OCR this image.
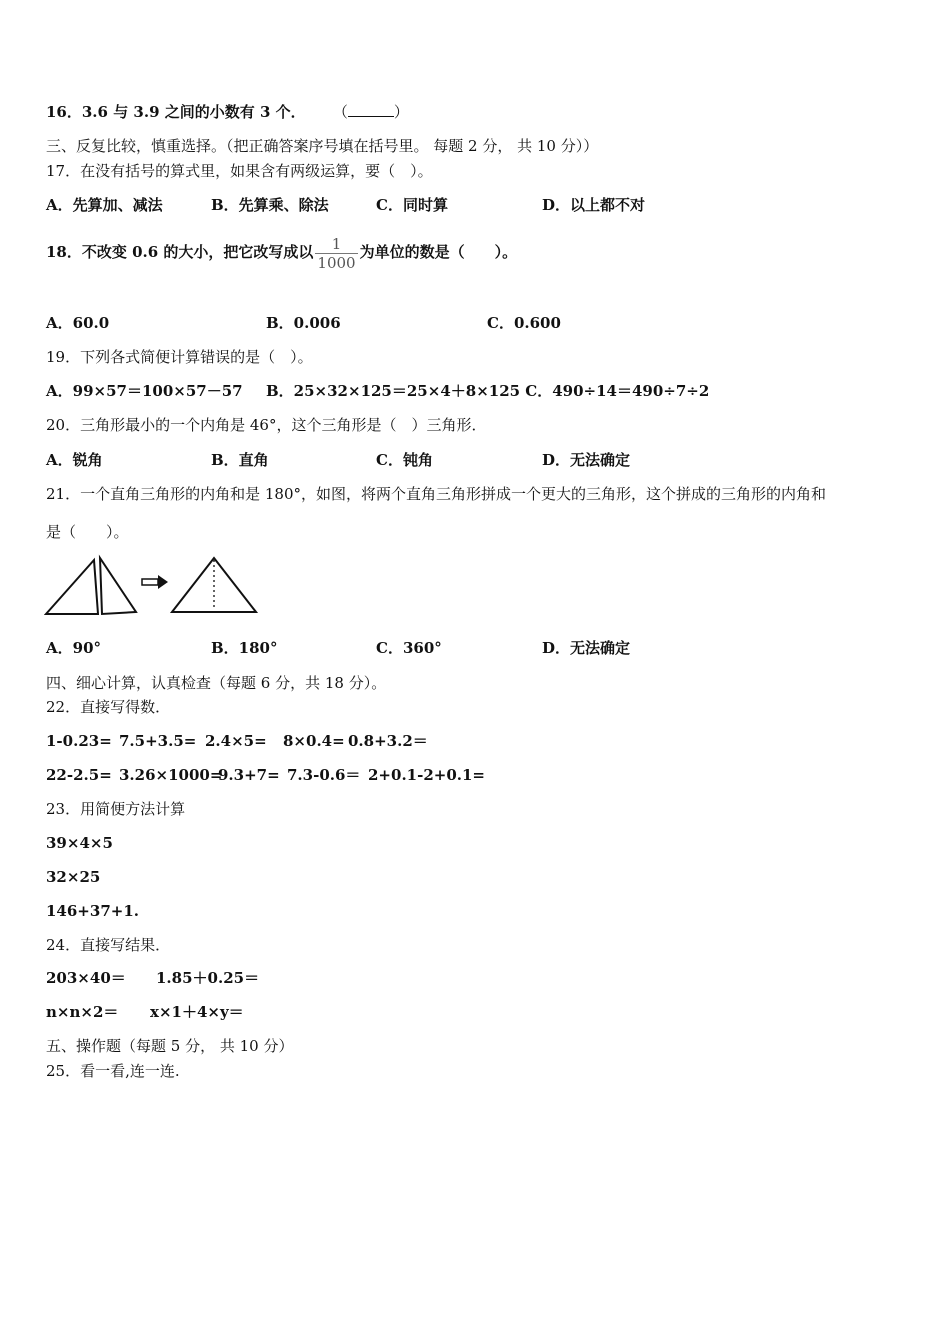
16．3.6 与 3.9 之间的小数有 3 个． （	）
三、反复比较，慎重选择。（把正确答案序号填在括号里。 每题 2 分， 共 10 分））
17．在没有括号的算式里，如果含有两级运算，要（　）。
A．先算加、减法	B．先算乘、除法	C．同时算	D．以上都不对
18．不改变 0.6 的大小，把它改写成以 $\frac{1}{1000}$ 为单位的数是（　　）。
A．60.0	B．0.006	C．0.600
19．下列各式简便计算错误的是（　）。
A．99×57＝100×57－57 B．25×32×125＝25×4＋8×125 C．490÷14＝490÷7÷2
20．三角形最小的一个内角是 46°，这个三角形是（　）三角形．
A．锐角	B．直角	C．钝角	D．无法确定
21．一个直角三角形的内角和是 180°，如图，将两个直角三角形拼成一个更大的三角形，这个拼成的三角形的内角和
是（　　）。
A．90°	B．180°	C．360°	D．无法确定
四、细心计算，认真检查（每题 6 分，共 18 分）。
22．直接写得数．
1-0.23= 7.5+3.5= 2.4×5= 8×0.4= 0.8+3.2＝
22-2.5= 3.26×1000=
9.3+7= 7.3-0.6＝ 2+0.1-2+0.1=
23．用简便方法计算
39×4×5
32×25
146+37+1.
24．直接写结果．
203×40＝ 1.85＋0.25＝
n×n×2＝ x×1＋4×y＝
五、操作题（每题 5 分， 共 10 分）
25．看一看,连一连.
